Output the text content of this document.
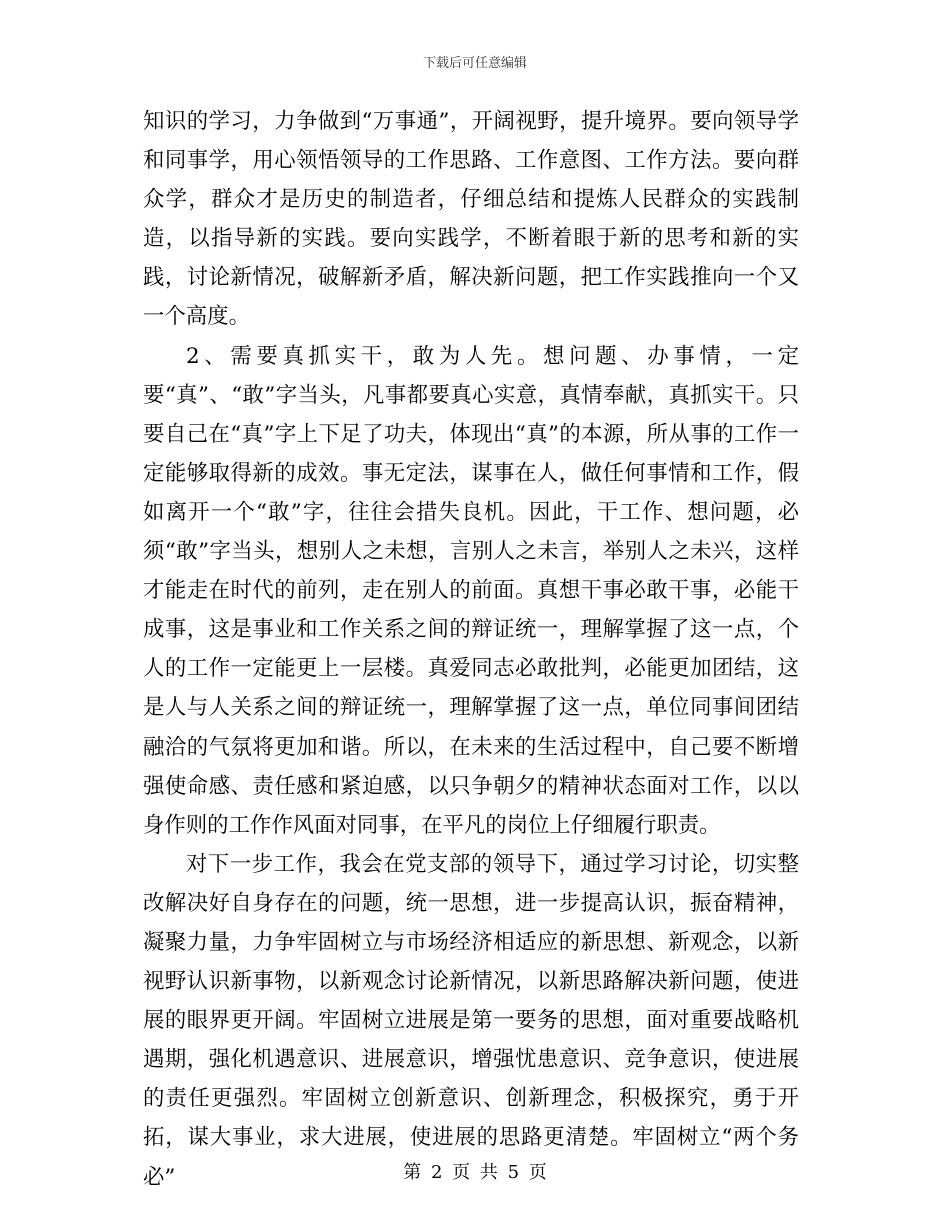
下载后可任意编辑

知识的学习，力争做到“万事通”，开阔视野，提升境界。要向领导学和同事学，用心领悟领导的工作思路、工作意图、工作方法。要向群众学，群众才是历史的制造者，仔细总结和提炼人民群众的实践制造，以指导新的实践。要向实践学，不断着眼于新的思考和新的实践，讨论新情况，破解新矛盾，解决新问题，把工作实践推向一个又一个高度。

2、需要真抓实干，敢为人先。想问题、办事情，一定要“真”、“敢”字当头，凡事都要真心实意，真情奉献，真抓实干。只要自己在“真”字上下足了功夫，体现出“真”的本源，所从事的工作一定能够取得新的成效。事无定法，谋事在人，做任何事情和工作，假如离开一个“敢”字，往往会措失良机。因此，干工作、想问题，必须“敢”字当头，想别人之未想，言别人之未言，举别人之未兴，这样才能走在时代的前列，走在别人的前面。真想干事必敢干事，必能干成事，这是事业和工作关系之间的辩证统一，理解掌握了这一点，个人的工作一定能更上一层楼。真爱同志必敢批判，必能更加团结，这是人与人关系之间的辩证统一，理解掌握了这一点，单位同事间团结融洽的气氛将更加和谐。所以，在未来的生活过程中，自己要不断增强使命感、责任感和紧迫感，以只争朝夕的精神状态面对工作，以以身作则的工作作风面对同事，在平凡的岗位上仔细履行职责。

对下一步工作，我会在党支部的领导下，通过学习讨论，切实整改解决好自身存在的问题，统一思想，进一步提高认识，振奋精神，凝聚力量，力争牢固树立与市场经济相适应的新思想、新观念，以新视野认识新事物，以新观念讨论新情况，以新思路解决新问题，使进展的眼界更开阔。牢固树立进展是第一要务的思想，面对重要战略机遇期，强化机遇意识、进展意识，增强忧患意识、竞争意识，使进展的责任更强烈。牢固树立创新意识、创新理念，积极探究，勇于开拓，谋大事业，求大进展，使进展的思路更清楚。牢固树立“两个务必”	第 2 页 共 5 页
